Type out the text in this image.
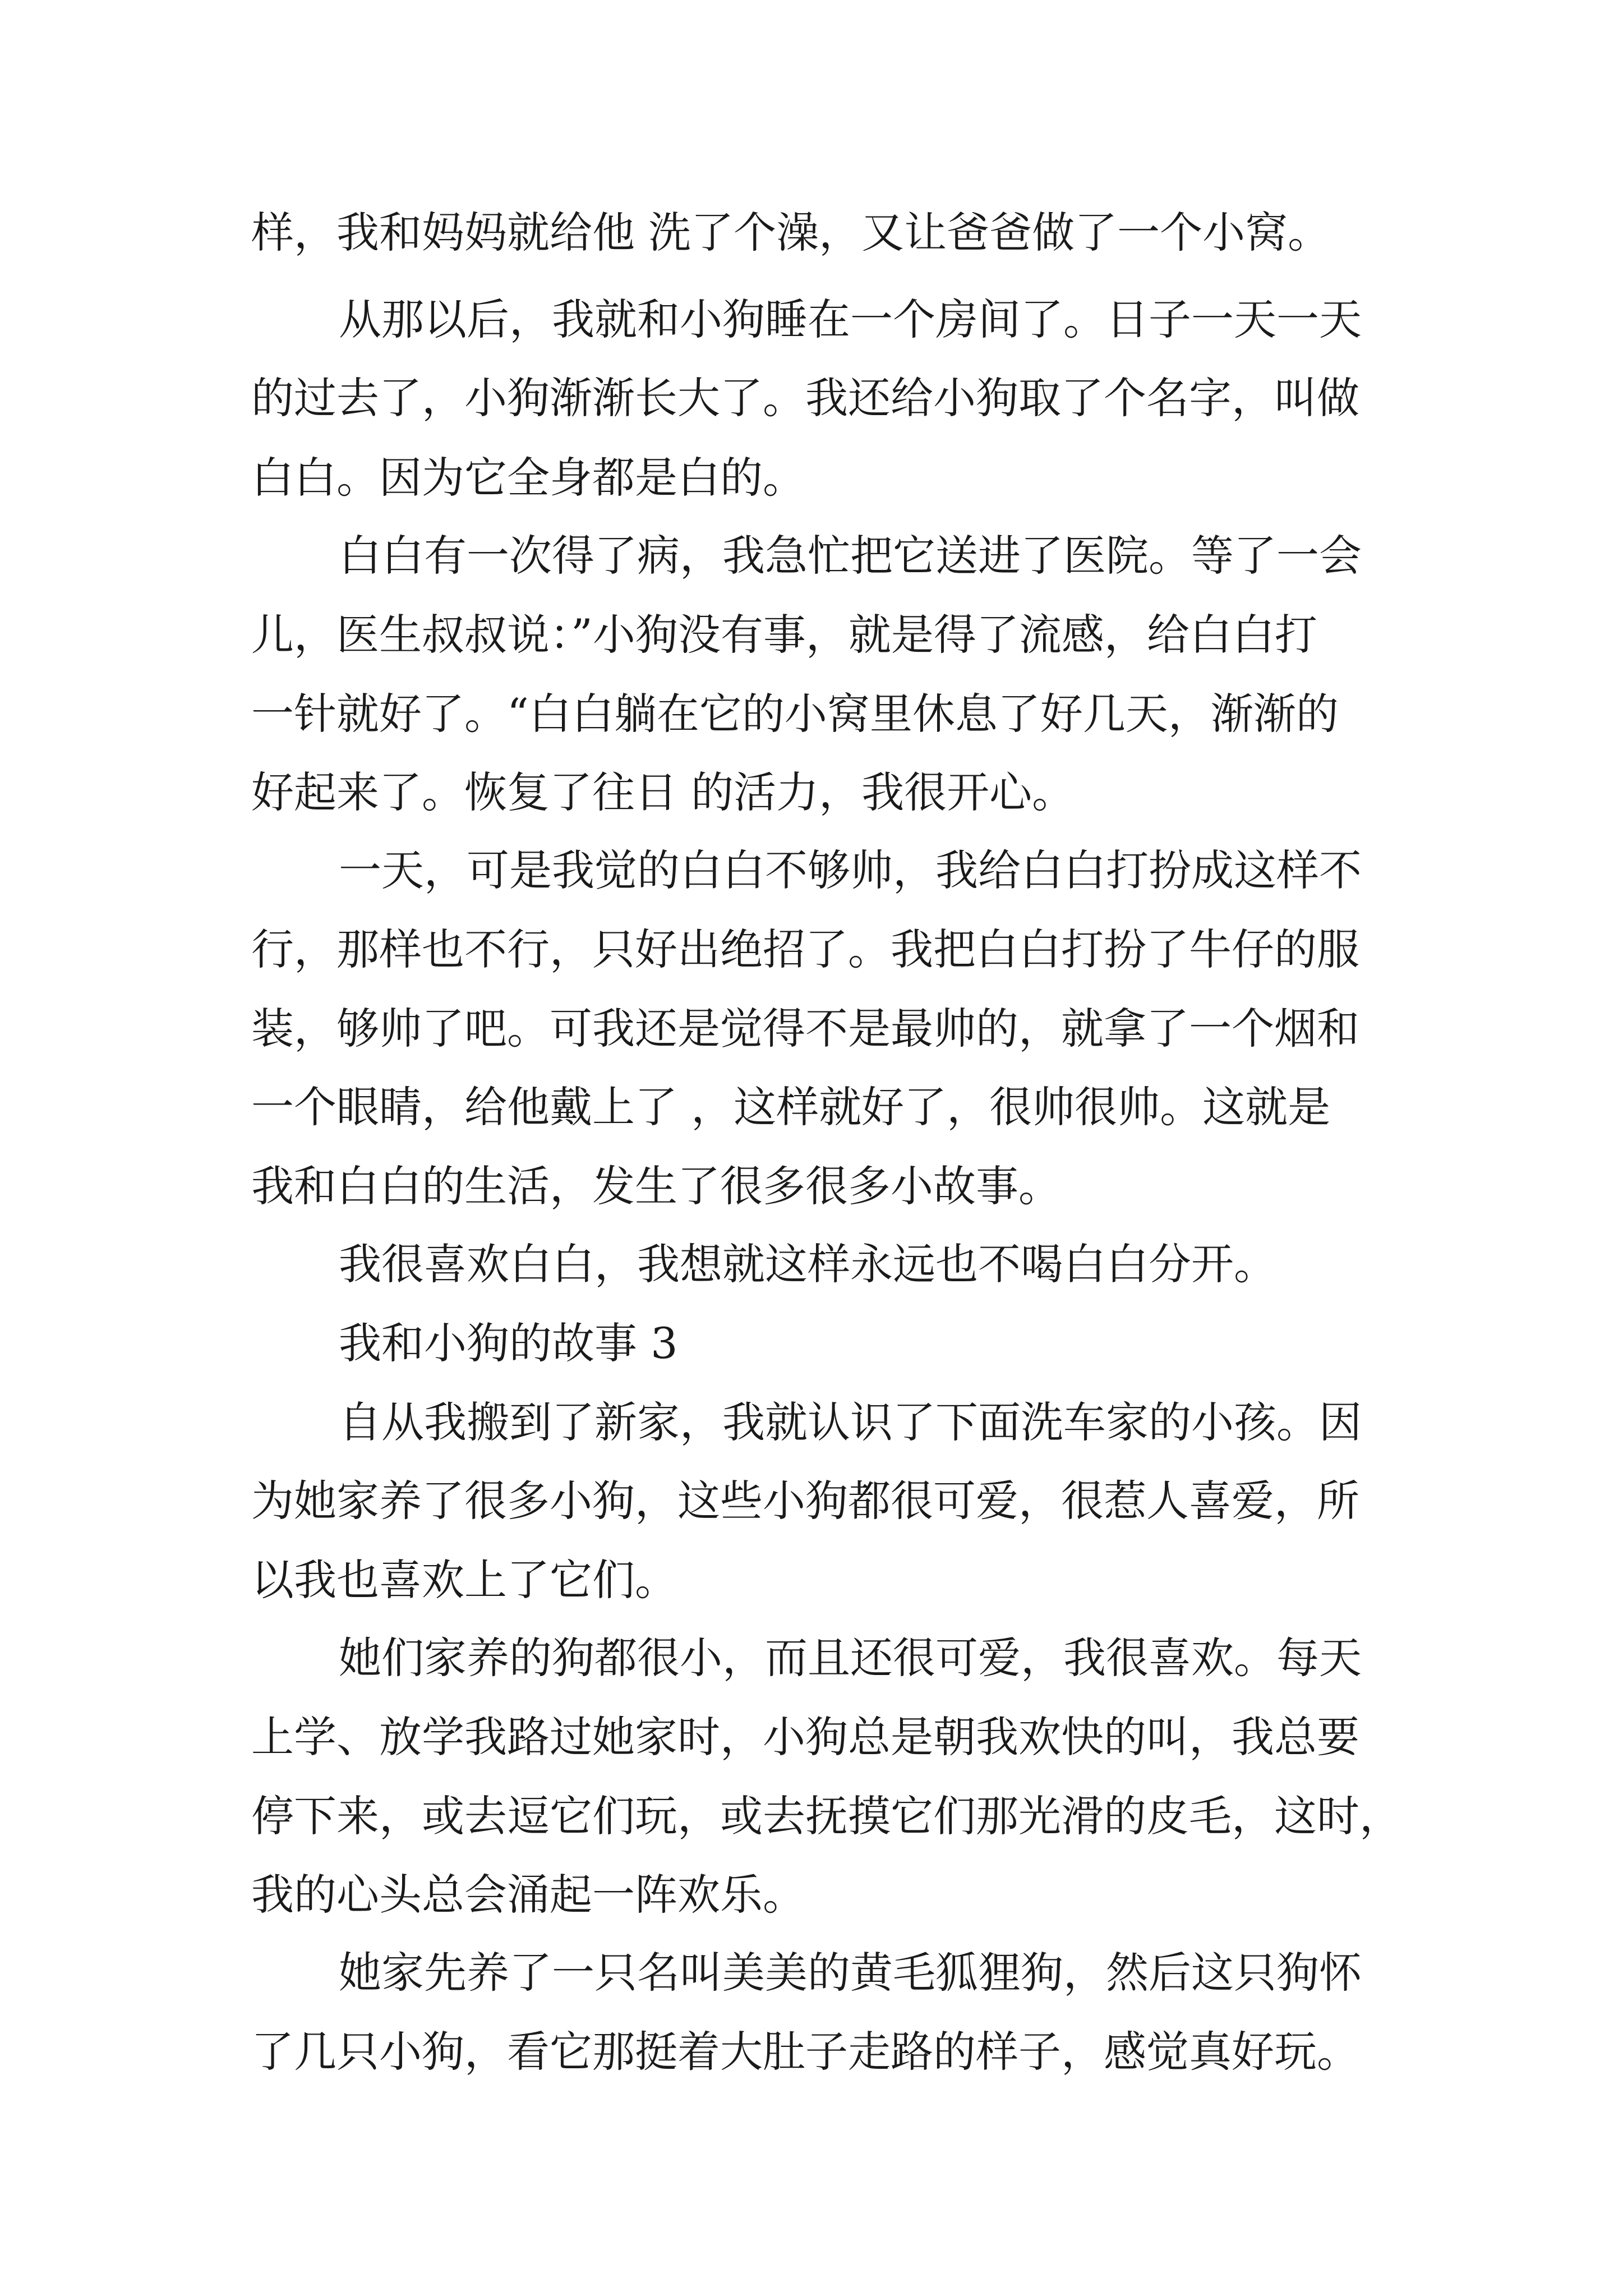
样，我和妈妈就给他 洗了个澡，又让爸爸做了一个小窝。

从那以后，我就和小狗睡在一个房间了。日子一天一天

的过去了，小狗渐渐长大了。我还给小狗取了个名字，叫做

白白。因为它全身都是白的。

白白有一次得了病，我急忙把它送进了医院。等了一会

儿，医生叔叔说：”小狗没有事，就是得了流感，给白白打

一针就好了。“白白躺在它的小窝里休息了好几天，渐渐的

好起来了。恢复了往日 的活力，我很开心。

一天，可是我觉的白白不够帅，我给白白打扮成这样不

行，那样也不行，只好出绝招了。我把白白打扮了牛仔的服

装，够帅了吧。可我还是觉得不是最帅的，就拿了一个烟和

一个眼睛，给他戴上了 ，这样就好了，很帅很帅。这就是

我和白白的生活，发生了很多很多小故事。

我很喜欢白白，我想就这样永远也不喝白白分开。

我和小狗的故事 3

自从我搬到了新家，我就认识了下面洗车家的小孩。因

为她家养了很多小狗，这些小狗都很可爱，很惹人喜爱，所

以我也喜欢上了它们。

她们家养的狗都很小，而且还很可爱，我很喜欢。每天

上学、放学我路过她家时，小狗总是朝我欢快的叫，我总要

停下来，或去逗它们玩，或去抚摸它们那光滑的皮毛，这时，

我的心头总会涌起一阵欢乐。

她家先养了一只名叫美美的黄毛狐狸狗，然后这只狗怀

了几只小狗，看它那挺着大肚子走路的样子，感觉真好玩。
